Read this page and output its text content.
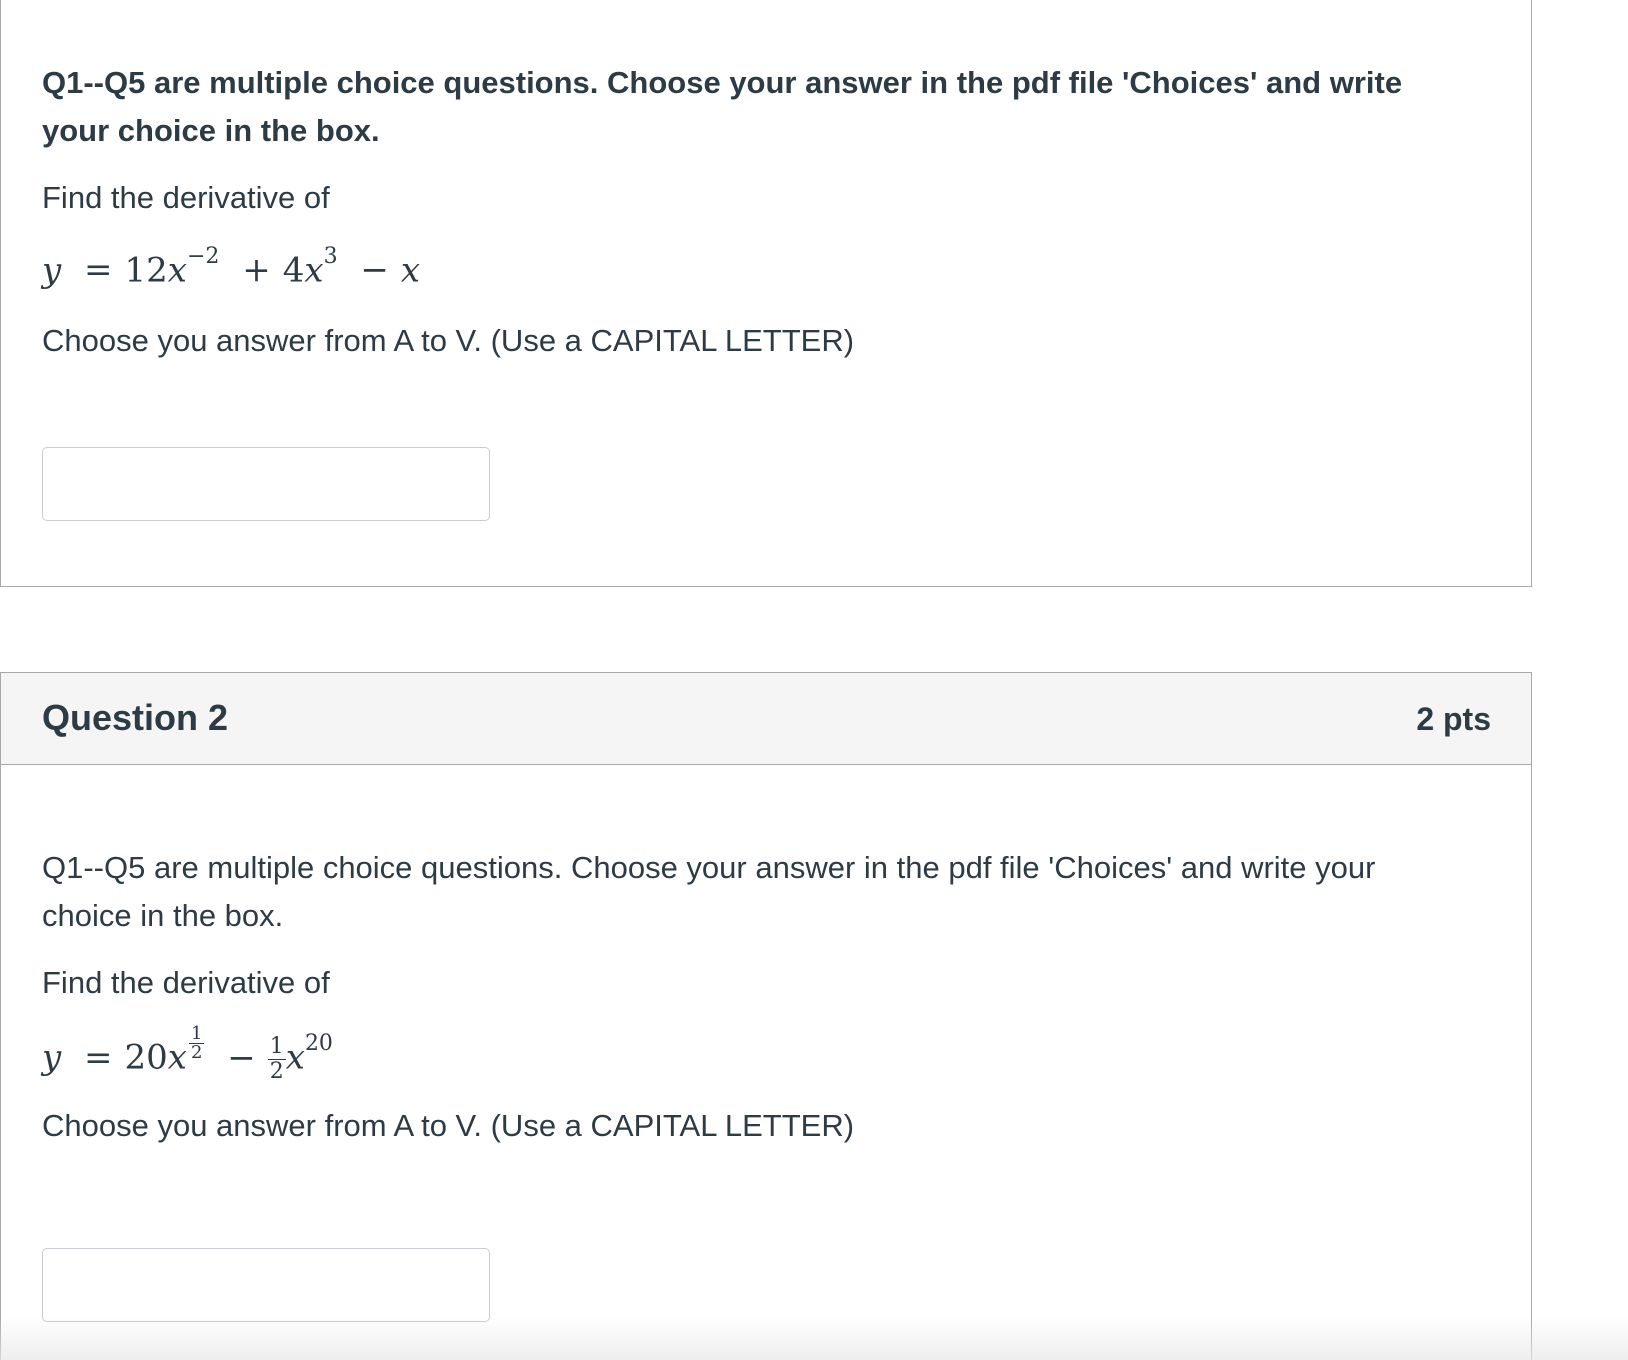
Q1--Q5 are multiple choice questions. Choose your answer in the pdf file 'Choices' and write your choice in the box.
Find the derivative of
$y = 12x^{-2} + 4x^3 - x$
Choose you answer from A to V. (Use a CAPITAL LETTER)
Question 2	2 pts
Q1--Q5 are multiple choice questions. Choose your answer in the pdf file 'Choices' and write your choice in the box.
Find the derivative of
$y = 20x \frac{1}{2} - \frac{1}{2} x^{20}$
Choose you answer from A to V. (Use a CAPITAL LETTER)
